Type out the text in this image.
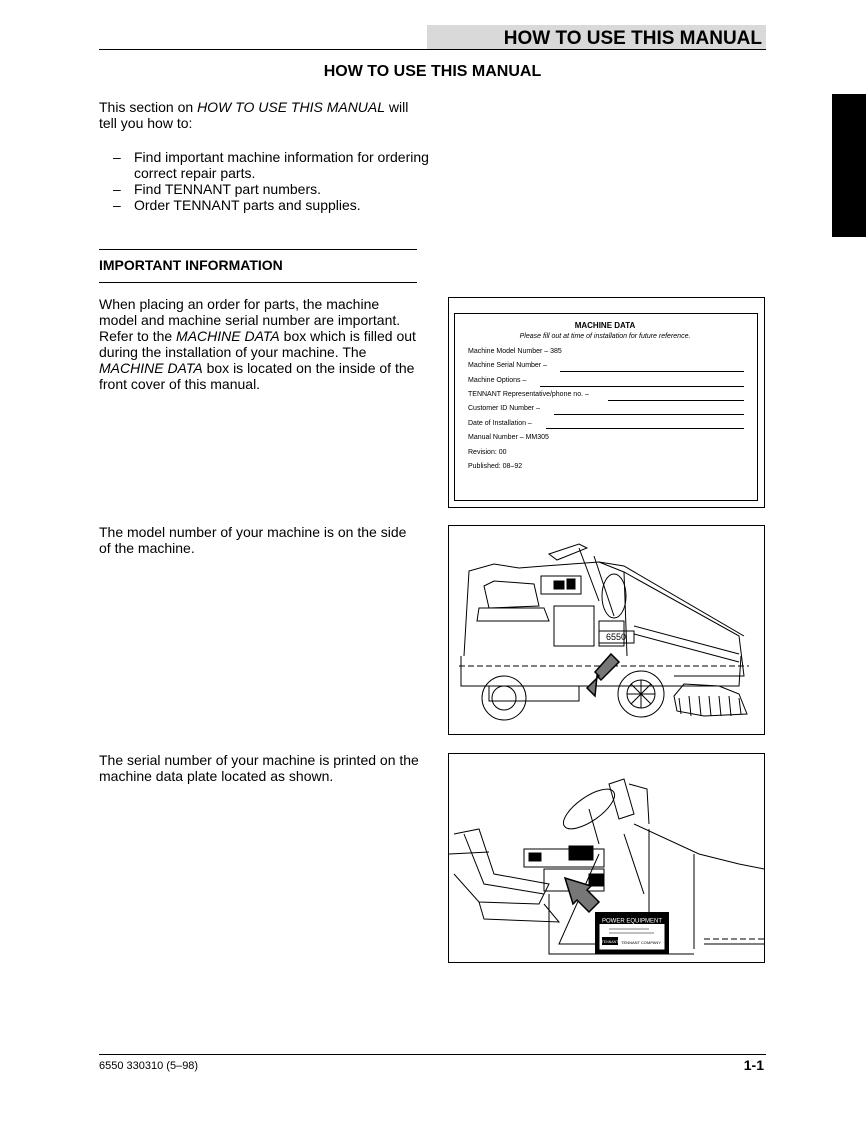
HOW TO USE THIS MANUAL
HOW TO USE THIS MANUAL
This section on HOW TO USE THIS MANUAL will tell you how to:
– Find important machine information for ordering correct repair parts.
– Find TENNANT part numbers.
– Order TENNANT parts and supplies.
IMPORTANT INFORMATION
When placing an order for parts, the machine model and machine serial number are important. Refer to the MACHINE DATA box which is filled out during the installation of your machine. The MACHINE DATA box is located on the inside of the front cover of this manual.
MACHINE DATA
Please fill out at time of installation for future reference.
Machine Model Number – 385
Machine Serial Number –
Machine Options –
TENNANT Representative/phone no. –
Customer ID Number –
Date of Installation –
Manual Number – MM305
Revision: 00
Published: 08–92
The model number of your machine is on the side of the machine.
6550
The serial number of your machine is printed on the machine data plate located as shown.
POWER EQUIPMENT
TENNANT TENNANT COMPANY
6550 330310 (5–98)	1-1
